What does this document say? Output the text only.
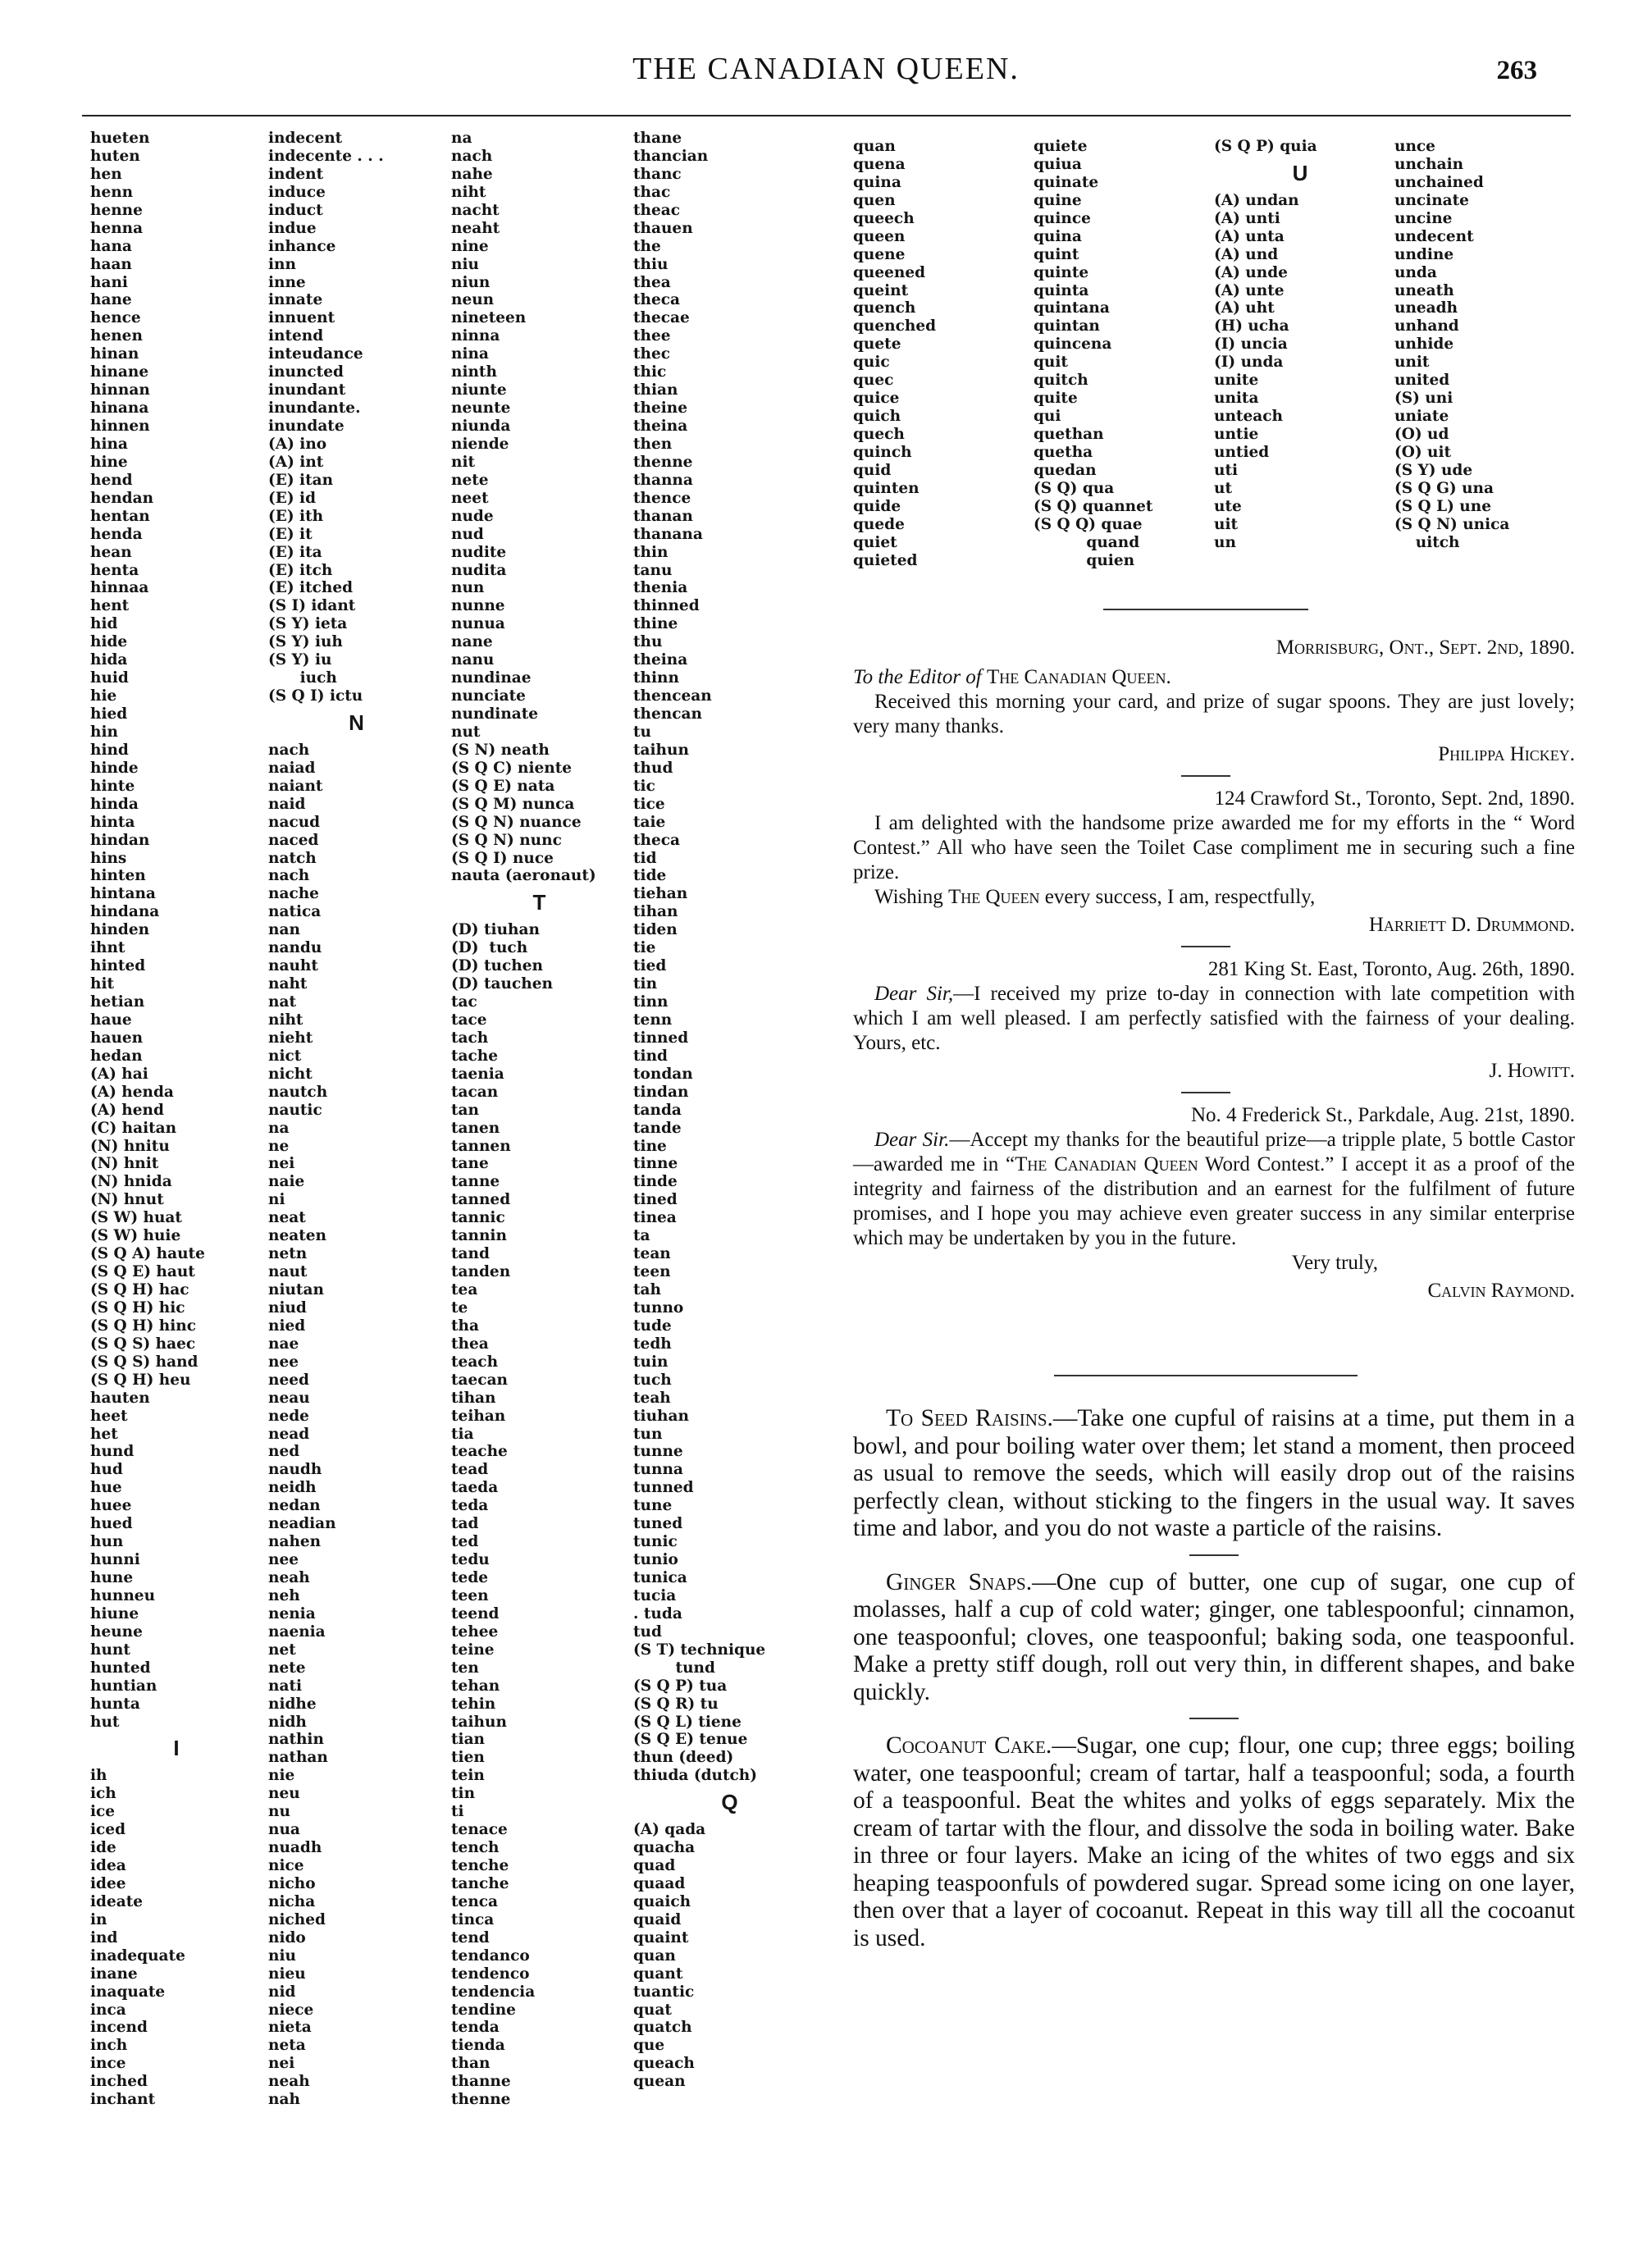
THE CANADIAN QUEEN.	263
hueten
huten
hen
henn
henne
henna
hana
haan
hani
hane
hence
henen
hinan
hinane
hinnan
hinana
hinnen
hina
hine
hend
hendan
hentan
henda
hean
henta
hinnaa
hent
hid
hide
hida
huid
hie
hied
hin
hind
hinde
hinte
hinda
hinta
hindan
hins
hinten
hintana
hindana
hinden
ihnt
hinted
hit
hetian
haue
hauen
hedan
(A) hai
(A) henda
(A) hend
(C) haitan
(N) hnitu
(N) hnit
(N) hnida
(N) hnut
(S W) huat
(S W) huie
(S Q A) haute
(S Q E) haut
(S Q H) hac
(S Q H) hic
(S Q H) hinc
(S Q S) haec
(S Q S) hand
(S Q H) heu
hauten
heet
het
hund
hud
hue
huee
hued
hun
hunni
hune
hunneu
hiune
heune
hunt
hunted
huntian
hunta
hut
I
ih
ich
ice
iced
ide
idea
idee
ideate
in
ind
inadequate
inane
inaquate
inca
incend
inch
ince
inched
inchant
indecent
indecente . . .
indent
induce
induct
indue
inhance
inn
inne
innate
innuent
intend
inteudance
inuncted
inundant
inundante.
inundate
(A) ino
(A) int
(E) itan
(E) id
(E) ith
(E) it
(E) ita
(E) itch
(E) itched
(S I) idant
(S Y) ieta
(S Y) iuh
(S Y) iu
iuch
(S Q I) ictu
N
nach
naiad
naiant
naid
nacud
naced
natch
nach
nache
natica
nan
nandu
nauht
naht
nat
niht
nieht
nict
nicht
nautch
nautic
na
ne
nei
naie
ni
neat
neaten
netn
naut
niutan
niud
nied
nae
nee
need
neau
nede
nead
ned
naudh
neidh
nedan
neadian
nahen
nee
neah
neh
nenia
naenia
net
nete
nati
nidhe
nidh
nathin
nathan
nie
neu
nu
nua
nuadh
nice
nicho
nicha
niched
nido
niu
nieu
nid
niece
nieta
neta
nei
neah
nah
na
nach
nahe
niht
nacht
neaht
nine
niu
niun
neun
nineteen
ninna
nina
ninth
niunte
neunte
niunda
niende
nit
nete
neet
nude
nud
nudite
nudita
nun
nunne
nunua
nane
nanu
nundinae
nunciate
nundinate
nut
(S N) neath
(S Q C) niente
(S Q E) nata
(S Q M) nunca
(S Q N) nuance
(S Q N) nunc
(S Q I) nuce
nauta (aeronaut)
T
(D) tiuhan
(D)  tuch
(D) tuchen
(D) tauchen
tac
tace
tach
tache
taenia
tacan
tan
tanen
tannen
tane
tanne
tanned
tannic
tannin
tand
tanden
tea
te
tha
thea
teach
taecan
tihan
teihan
tia
teache
tead
taeda
teda
tad
ted
tedu
tede
teen
teend
tehee
teine
ten
tehan
tehin
taihun
tian
tien
tein
tin
ti
tenace
tench
tenche
tanche
tenca
tinca
tend
tendanco
tendenco
tendencia
tendine
tenda
tienda
than
thanne
thenne
thane
thancian
thanc
thac
theac
thauen
the
thiu
thea
theca
thecae
thee
thec
thic
thian
theine
theina
then
thenne
thanna
thence
thanan
thanana
thin
tanu
thenia
thinned
thine
thu
theina
thinn
thencean
thencan
tu
taihun
thud
tic
tice
taie
theca
tid
tide
tiehan
tihan
tiden
tie
tied
tin
tinn
tenn
tinned
tind
tondan
tindan
tanda
tande
tine
tinne
tinde
tined
tinea
ta
tean
teen
tah
tunno
tude
tedh
tuin
tuch
teah
tiuhan
tun
tunne
tunna
tunned
tune
tuned
tunic
tunio
tunica
tucia
. tuda
tud
(S T) technique
tund
(S Q P) tua
(S Q R) tu
(S Q L) tiene
(S Q E) tenue
thun (deed)
thiuda (dutch)
Q
(A) qada
quacha
quad
quaad
quaich
quaid
quaint
quan
quant
tuantic
quat
quatch
que
queach
quean
quan
quena
quina
quen
queech
queen
quene
queened
queint
quench
quenched
quete
quic
quec
quice
quich
quech
quinch
quid
quinten
quide
quede
quiet
quieted
quiete
quiua
quinate
quine
quince
quina
quint
quinte
quinta
quintana
quintan
quincena
quit
quitch
quite
qui
quethan
quetha
quedan
(S Q) qua
(S Q) quannet
(S Q Q) quae
quand
quien
(S Q P) quia
U
(A) undan
(A) unti
(A) unta
(A) und
(A) unde
(A) unte
(A) uht
(H) ucha
(I) uncia
(I) unda
unite
unita
unteach
untie
untied
uti
ut
ute
uit
un
unce
unchain
unchained
uncinate
uncine
undecent
undine
unda
uneath
uneadh
unhand
unhide
unit
united
(S) uni
uniate
(O) ud
(O) uit
(S Y) ude
(S Q G) una
(S Q L) une
(S Q N) unica
uitch

Morrisburg, Ont., Sept. 2nd, 1890.

To the Editor of The Canadian Queen.

Received this morning your card, and prize of sugar spoons. They are just lovely; very many thanks.

Philippa Hickey.

124 Crawford St., Toronto, Sept. 2nd, 1890.

I am delighted with the handsome prize awarded me for my efforts in the “ Word Contest.” All who have seen the Toilet Case compliment me in securing such a fine prize.

Wishing The Queen every success, I am, respectfully,

Harriett D. Drummond.

281 King St. East, Toronto, Aug. 26th, 1890.

Dear Sir,—I received my prize to-day in connection with late competition with which I am well pleased. I am perfectly satisfied with the fairness of your dealing. Yours, etc.

J. Howitt.

No. 4 Frederick St., Parkdale, Aug. 21st, 1890.

Dear Sir.—Accept my thanks for the beautiful prize—a tripple plate, 5 bottle Castor—awarded me in “The Canadian Queen Word Contest.” I accept it as a proof of the integrity and fairness of the distribution and an earnest for the fulfilment of future promises, and I hope you may achieve even greater success in any similar enterprise which may be undertaken by you in the future.

Very truly,

Calvin Raymond.

To Seed Raisins.—Take one cupful of raisins at a time, put them in a bowl, and pour boiling water over them; let stand a moment, then proceed as usual to remove the seeds, which will easily drop out of the raisins perfectly clean, without sticking to the fingers in the usual way. It saves time and labor, and you do not waste a particle of the raisins.

Ginger Snaps.—One cup of butter, one cup of sugar, one cup of molasses, half a cup of cold water; ginger, one tablespoonful; cinnamon, one teaspoonful; cloves, one teaspoonful; baking soda, one teaspoonful. Make a pretty stiff dough, roll out very thin, in different shapes, and bake quickly.

Cocoanut Cake.—Sugar, one cup; flour, one cup; three eggs; boiling water, one teaspoonful; cream of tartar, half a teaspoonful; soda, a fourth of a teaspoonful. Beat the whites and yolks of eggs separately. Mix the cream of tartar with the flour, and dissolve the soda in boiling water. Bake in three or four layers. Make an icing of the whites of two eggs and six heaping teaspoonfuls of powdered sugar. Spread some icing on one layer, then over that a layer of cocoanut. Repeat in this way till all the cocoanut is used.
